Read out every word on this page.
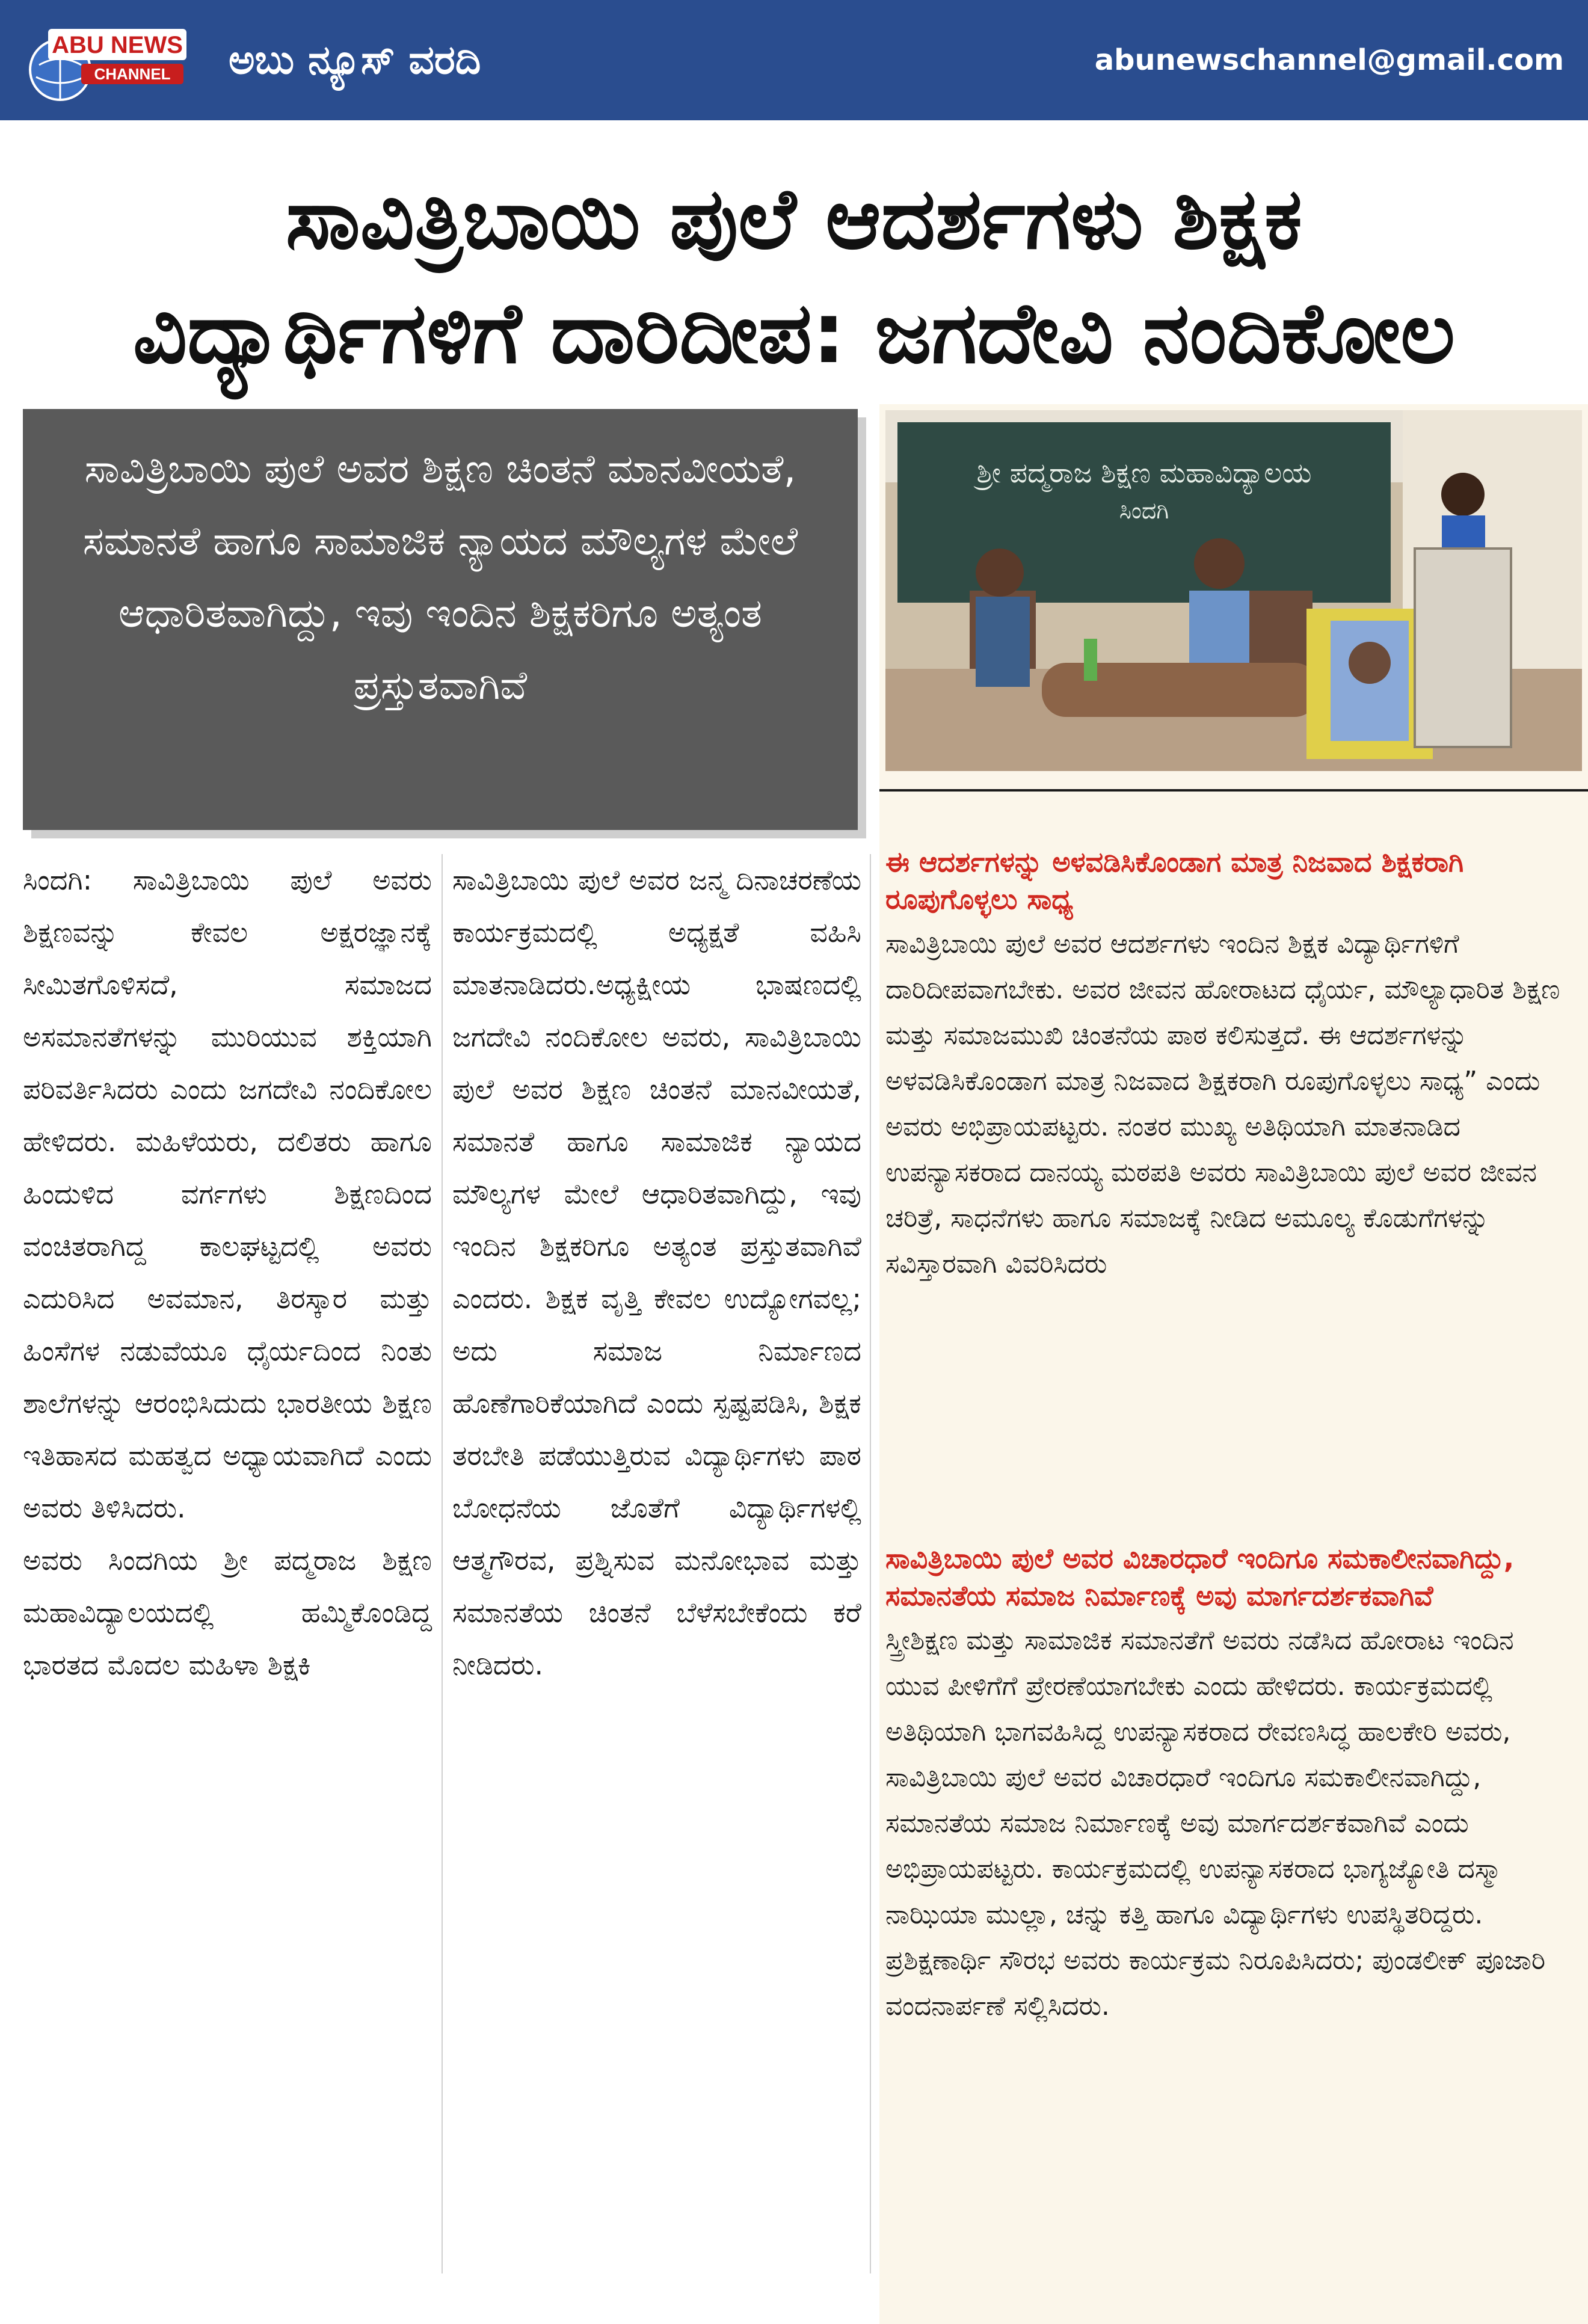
ABU NEWS
CHANNEL ಅಬು ನ್ಯೂಸ್ ವರದಿ	abunewschannel@gmail.com
ಸಾವಿತ್ರಿಬಾಯಿ ಪುಲೆ ಆದರ್ಶಗಳು ಶಿಕ್ಷಕ
ವಿದ್ಯಾರ್ಥಿಗಳಿಗೆ ದಾರಿದೀಪ: ಜಗದೇವಿ ನಂದಿಕೋಲ
ಸಾವಿತ್ರಿಬಾಯಿ ಪುಲೆ ಅವರ ಶಿಕ್ಷಣ ಚಿಂತನೆ ಮಾನವೀಯತೆ, ಸಮಾನತೆ ಹಾಗೂ ಸಾಮಾಜಿಕ ನ್ಯಾಯದ ಮೌಲ್ಯಗಳ ಮೇಲೆ ಆಧಾರಿತವಾಗಿದ್ದು, ಇವು ಇಂದಿನ ಶಿಕ್ಷಕರಿಗೂ ಅತ್ಯಂತ ಪ್ರಸ್ತುತವಾಗಿವೆ
ಶ್ರೀ ಪದ್ಮರಾಜ ಶಿಕ್ಷಣ ಮಹಾವಿದ್ಯಾಲಯ
ಸಿಂದಗಿ

ಸಿಂದಗಿ: ಸಾವಿತ್ರಿಬಾಯಿ ಪುಲೆ ಅವರು ಶಿಕ್ಷಣವನ್ನು ಕೇವಲ ಅಕ್ಷರಜ್ಞಾನಕ್ಕೆ ಸೀಮಿತಗೊಳಿಸದೆ, ಸಮಾಜದ ಅಸಮಾನತೆಗಳನ್ನು ಮುರಿಯುವ ಶಕ್ತಿಯಾಗಿ ಪರಿವರ್ತಿಸಿದರು ಎಂದು ಜಗದೇವಿ ನಂದಿಕೋಲ ಹೇಳಿದರು. ಮಹಿಳೆಯರು, ದಲಿತರು ಹಾಗೂ ಹಿಂದುಳಿದ ವರ್ಗಗಳು ಶಿಕ್ಷಣದಿಂದ ವಂಚಿತರಾಗಿದ್ದ ಕಾಲಘಟ್ಟದಲ್ಲಿ ಅವರು ಎದುರಿಸಿದ ಅವಮಾನ, ತಿರಸ್ಕಾರ ಮತ್ತು ಹಿಂಸೆಗಳ ನಡುವೆಯೂ ಧೈರ್ಯದಿಂದ ನಿಂತು ಶಾಲೆಗಳನ್ನು ಆರಂಭಿಸಿದುದು ಭಾರತೀಯ ಶಿಕ್ಷಣ ಇತಿಹಾಸದ ಮಹತ್ವದ ಅಧ್ಯಾಯವಾಗಿದೆ ಎಂದು ಅವರು ತಿಳಿಸಿದರು.

ಅವರು ಸಿಂದಗಿಯ ಶ್ರೀ ಪದ್ಮರಾಜ ಶಿಕ್ಷಣ ಮಹಾವಿದ್ಯಾಲಯದಲ್ಲಿ ಹಮ್ಮಿಕೊಂಡಿದ್ದ ಭಾರತದ ಮೊದಲ ಮಹಿಳಾ ಶಿಕ್ಷಕಿ

ಸಾವಿತ್ರಿಬಾಯಿ ಪುಲೆ ಅವರ ಜನ್ಮ ದಿನಾಚರಣೆಯ ಕಾರ್ಯಕ್ರಮದಲ್ಲಿ ಅಧ್ಯಕ್ಷತೆ ವಹಿಸಿ ಮಾತನಾಡಿದರು.ಅಧ್ಯಕ್ಷೀಯ ಭಾಷಣದಲ್ಲಿ ಜಗದೇವಿ ನಂದಿಕೋಲ ಅವರು, ಸಾವಿತ್ರಿಬಾಯಿ ಪುಲೆ ಅವರ ಶಿಕ್ಷಣ ಚಿಂತನೆ ಮಾನವೀಯತೆ, ಸಮಾನತೆ ಹಾಗೂ ಸಾಮಾಜಿಕ ನ್ಯಾಯದ ಮೌಲ್ಯಗಳ ಮೇಲೆ ಆಧಾರಿತವಾಗಿದ್ದು, ಇವು ಇಂದಿನ ಶಿಕ್ಷಕರಿಗೂ ಅತ್ಯಂತ ಪ್ರಸ್ತುತವಾಗಿವೆ ಎಂದರು. ಶಿಕ್ಷಕ ವೃತ್ತಿ ಕೇವಲ ಉದ್ಯೋಗವಲ್ಲ; ಅದು ಸಮಾಜ ನಿರ್ಮಾಣದ ಹೊಣೆಗಾರಿಕೆಯಾಗಿದೆ ಎಂದು ಸ್ಪಷ್ಟಪಡಿಸಿ, ಶಿಕ್ಷಕ ತರಬೇತಿ ಪಡೆಯುತ್ತಿರುವ ವಿದ್ಯಾರ್ಥಿಗಳು ಪಾಠ ಬೋಧನೆಯ ಜೊತೆಗೆ ವಿದ್ಯಾರ್ಥಿಗಳಲ್ಲಿ ಆತ್ಮಗೌರವ, ಪ್ರಶ್ನಿಸುವ ಮನೋಭಾವ ಮತ್ತು ಸಮಾನತೆಯ ಚಿಂತನೆ ಬೆಳೆಸಬೇಕೆಂದು ಕರೆ ನೀಡಿದರು.

ಈ ಆದರ್ಶಗಳನ್ನು ಅಳವಡಿಸಿಕೊಂಡಾಗ ಮಾತ್ರ ನಿಜವಾದ ಶಿಕ್ಷಕರಾಗಿ ರೂಪುಗೊಳ್ಳಲು ಸಾಧ್ಯ
ಸಾವಿತ್ರಿಬಾಯಿ ಪುಲೆ ಅವರ ಆದರ್ಶಗಳು ಇಂದಿನ ಶಿಕ್ಷಕ ವಿದ್ಯಾರ್ಥಿಗಳಿಗೆ ದಾರಿದೀಪವಾಗಬೇಕು. ಅವರ ಜೀವನ ಹೋರಾಟದ ಧೈರ್ಯ, ಮೌಲ್ಯಾಧಾರಿತ ಶಿಕ್ಷಣ ಮತ್ತು ಸಮಾಜಮುಖಿ ಚಿಂತನೆಯ ಪಾಠ ಕಲಿಸುತ್ತದೆ. ಈ ಆದರ್ಶಗಳನ್ನು ಅಳವಡಿಸಿಕೊಂಡಾಗ ಮಾತ್ರ ನಿಜವಾದ ಶಿಕ್ಷಕರಾಗಿ ರೂಪುಗೊಳ್ಳಲು ಸಾಧ್ಯ” ಎಂದು ಅವರು ಅಭಿಪ್ರಾಯಪಟ್ಟರು. ನಂತರ ಮುಖ್ಯ ಅತಿಥಿಯಾಗಿ ಮಾತನಾಡಿದ ಉಪನ್ಯಾಸಕರಾದ ದಾನಯ್ಯ ಮಠಪತಿ ಅವರು ಸಾವಿತ್ರಿಬಾಯಿ ಪುಲೆ ಅವರ ಜೀವನ ಚರಿತ್ರೆ, ಸಾಧನೆಗಳು ಹಾಗೂ ಸಮಾಜಕ್ಕೆ ನೀಡಿದ ಅಮೂಲ್ಯ ಕೊಡುಗೆಗಳನ್ನು ಸವಿಸ್ತಾರವಾಗಿ ವಿವರಿಸಿದರು
ಸಾವಿತ್ರಿಬಾಯಿ ಪುಲೆ ಅವರ ವಿಚಾರಧಾರೆ ಇಂದಿಗೂ ಸಮಕಾಲೀನವಾಗಿದ್ದು, ಸಮಾನತೆಯ ಸಮಾಜ ನಿರ್ಮಾಣಕ್ಕೆ ಅವು ಮಾರ್ಗದರ್ಶಕವಾಗಿವೆ
ಸ್ತ್ರೀಶಿಕ್ಷಣ ಮತ್ತು ಸಾಮಾಜಿಕ ಸಮಾನತೆಗೆ ಅವರು ನಡೆಸಿದ ಹೋರಾಟ ಇಂದಿನ ಯುವ ಪೀಳಿಗೆಗೆ ಪ್ರೇರಣೆಯಾಗಬೇಕು ಎಂದು ಹೇಳಿದರು. ಕಾರ್ಯಕ್ರಮದಲ್ಲಿ ಅತಿಥಿಯಾಗಿ ಭಾಗವಹಿಸಿದ್ದ ಉಪನ್ಯಾಸಕರಾದ ರೇವಣಸಿದ್ಧ ಹಾಲಕೇರಿ ಅವರು, ಸಾವಿತ್ರಿಬಾಯಿ ಪುಲೆ ಅವರ ವಿಚಾರಧಾರೆ ಇಂದಿಗೂ ಸಮಕಾಲೀನವಾಗಿದ್ದು, ಸಮಾನತೆಯ ಸಮಾಜ ನಿರ್ಮಾಣಕ್ಕೆ ಅವು ಮಾರ್ಗದರ್ಶಕವಾಗಿವೆ ಎಂದು ಅಭಿಪ್ರಾಯಪಟ್ಟರು. ಕಾರ್ಯಕ್ರಮದಲ್ಲಿ ಉಪನ್ಯಾಸಕರಾದ ಭಾಗ್ಯಜ್ಯೋತಿ ದಸ್ಮಾ ನಾಝಿಯಾ ಮುಲ್ಲಾ, ಚನ್ನು ಕತ್ತಿ ಹಾಗೂ ವಿದ್ಯಾರ್ಥಿಗಳು ಉಪಸ್ಥಿತರಿದ್ದರು. ಪ್ರಶಿಕ್ಷಣಾರ್ಥಿ ಸೌರಭ ಅವರು ಕಾರ್ಯಕ್ರಮ ನಿರೂಪಿಸಿದರು; ಪುಂಡಲೀಕ್ ಪೂಜಾರಿ ವಂದನಾರ್ಪಣೆ ಸಲ್ಲಿಸಿದರು.
